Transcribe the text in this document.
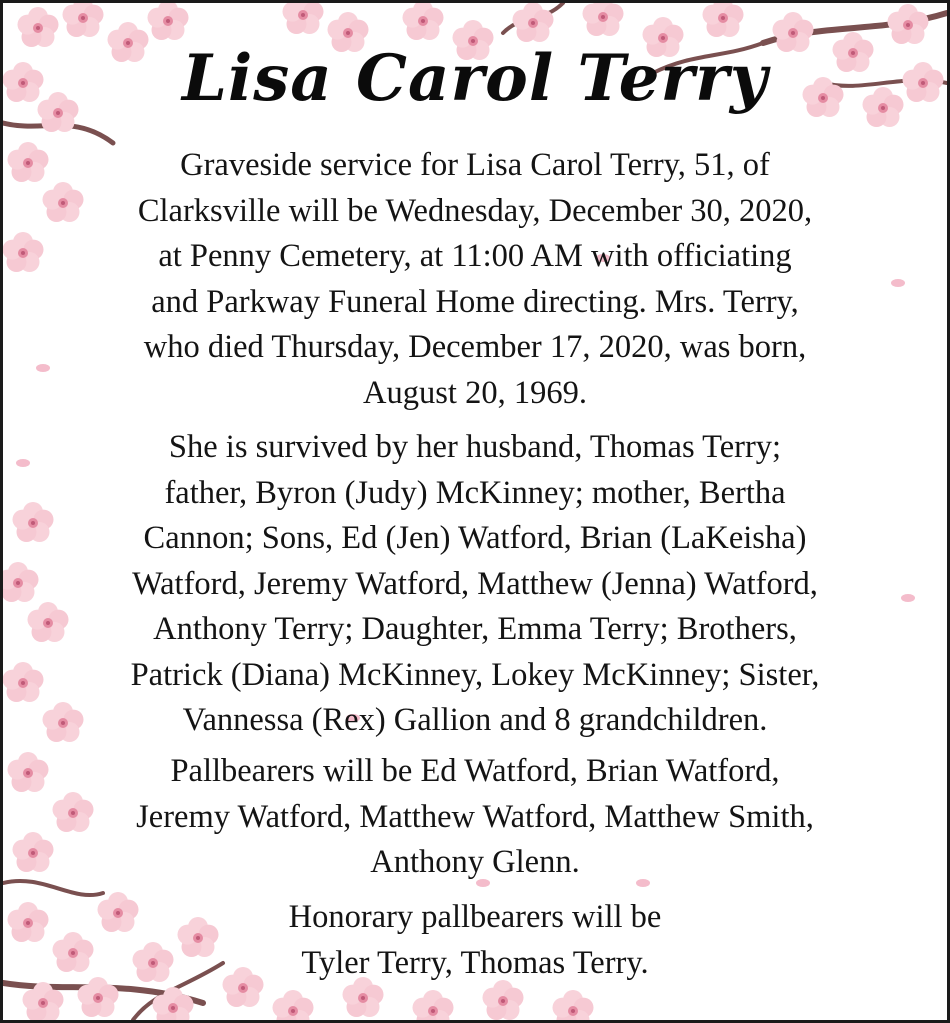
Lisa Carol Terry

Graveside service for Lisa Carol Terry, 51, of
Clarksville will be Wednesday, December 30, 2020,
at Penny Cemetery, at 11:00 AM with officiating
and Parkway Funeral Home directing. Mrs. Terry,
who died Thursday, December 17, 2020, was born,
August 20, 1969.

She is survived by her husband, Thomas Terry;
father, Byron (Judy) McKinney; mother, Bertha
Cannon; Sons, Ed (Jen) Watford, Brian (LaKeisha)
Watford, Jeremy Watford, Matthew (Jenna) Watford,
Anthony Terry; Daughter, Emma Terry; Brothers,
Patrick (Diana) McKinney, Lokey McKinney; Sister,
Vannessa (Rex) Gallion and 8 grandchildren.

Pallbearers will be Ed Watford, Brian Watford,
Jeremy Watford, Matthew Watford, Matthew Smith,
Anthony Glenn.

Honorary pallbearers will be
Tyler Terry, Thomas Terry.
